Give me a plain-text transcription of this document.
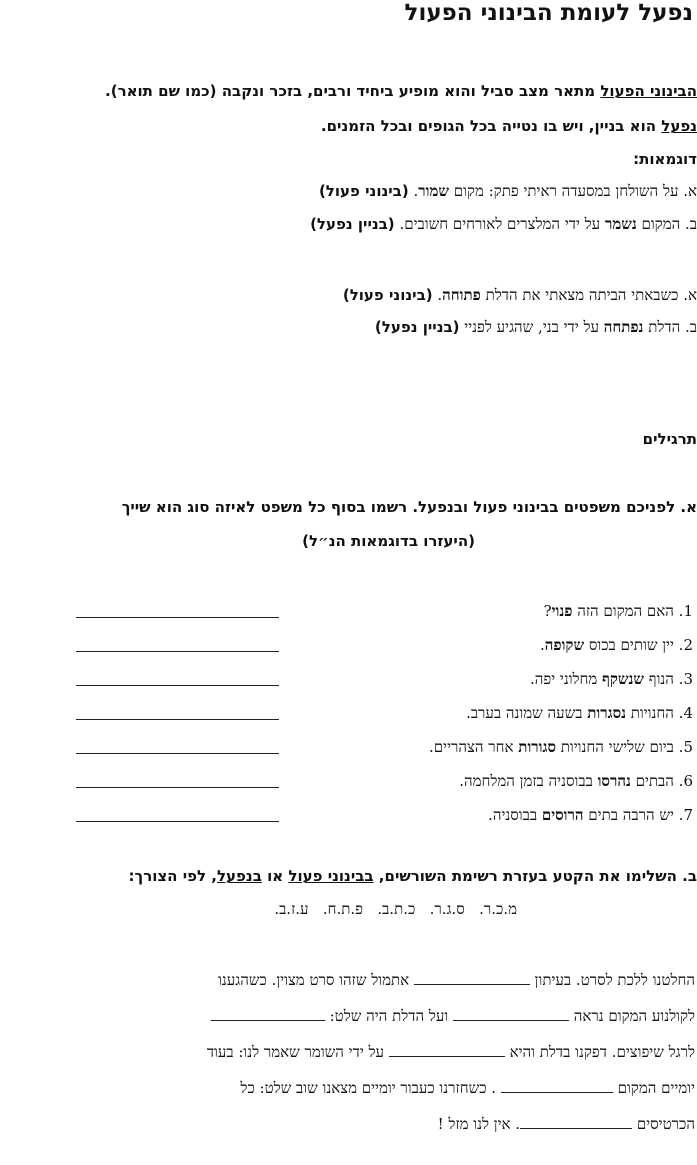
נפעל לעומת הבינוני הפעול
הבינוני הפעול מתאר מצב סביל והוא מופיע ביחיד ורבים, בזכר ונקבה (כמו שם תואר).
נפעל הוא בניין, ויש בו נטייה בכל הגופים ובכל הזמנים.
דוגמאות:
א. על השולחן במסעדה ראיתי פתק: מקום שמור. (בינוני פעול)
ב. המקום נשמר על ידי המלצרים לאורחים חשובים. (בניין נפעל)
א. כשבאתי הביתה מצאתי את הדלת פתוחה. (בינוני פעול)
ב. הדלת נפתחה על ידי בני, שהגיע לפניי (בניין נפעל)
תרגילים
א. לפניכם משפטים בבינוני פעול ובנפעל. רשמו בסוף כל משפט לאיזה סוג הוא שייך
(היעזרו בדוגמאות הנ״ל)
1. האם המקום הזה פנוי?
2. יין שותים בכוס שקופה.
3. הנוף שנשקף מחלוני יפה.
4. החנויות נסגרות בשעה שמונה בערב.
5. ביום שלישי החנויות סגורות אחר הצהריים.
6. הבתים נהרסו בבוסניה בזמן המלחמה.
7. יש הרבה בתים הרוסים בבוסניה.
ב. השלימו את הקטע בעזרת רשימת השורשים, בבינוני פעול או בנפעל, לפי הצורך:
מ.כ.ר.   ס.ג.ר.   כ.ת.ב.   פ.ת.ח.   ע.ז.ב.
החלטנו ללכת לסרט. בעיתון  אתמול שזהו סרט מצוין. כשהגענו
לקולנוע המקום נראה  ועל הדלת היה שלט:
לרגל שיפוצים. דפקנו בדלת והיא  על ידי השומר שאמר לנו: בעוד
יומיים המקום  . כשחזרנו כעבור יומיים מצאנו שוב שלט: כל
הכרטיסים . אין לנו מזל !
